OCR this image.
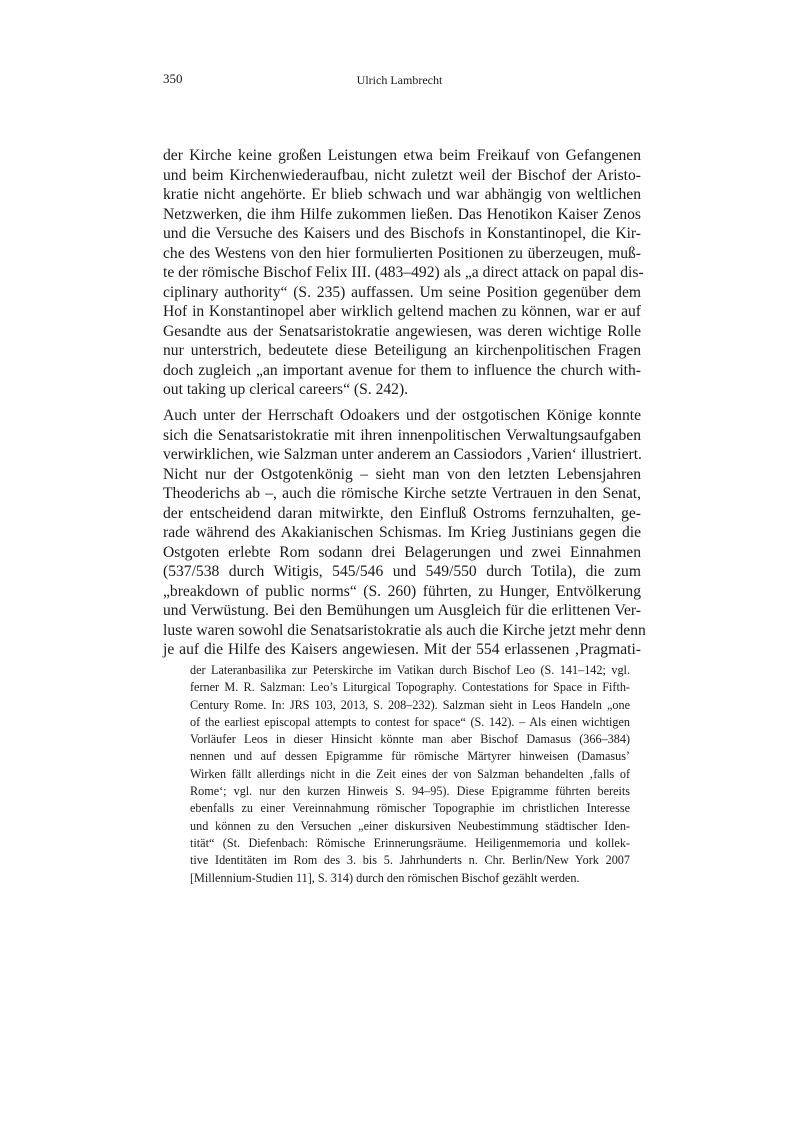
350	Ulrich Lambrecht
der Kirche keine großen Leistungen etwa beim Freikauf von Gefangenen
und beim Kirchenwiederaufbau, nicht zuletzt weil der Bischof der Aristo-
kratie nicht angehörte. Er blieb schwach und war abhängig von weltlichen
Netzwerken, die ihm Hilfe zukommen ließen. Das Henotikon Kaiser Zenos
und die Versuche des Kaisers und des Bischofs in Konstantinopel, die Kir-
che des Westens von den hier formulierten Positionen zu überzeugen, muß-
te der römische Bischof Felix III. (483–492) als „a direct attack on papal dis-
ciplinary authority“ (S. 235) auffassen. Um seine Position gegenüber dem
Hof in Konstantinopel aber wirklich geltend machen zu können, war er auf
Gesandte aus der Senatsaristokratie angewiesen, was deren wichtige Rolle
nur unterstrich, bedeutete diese Beteiligung an kirchenpolitischen Fragen
doch zugleich „an important avenue for them to influence the church with-
out taking up clerical careers“ (S. 242).
Auch unter der Herrschaft Odoakers und der ostgotischen Könige konnte
sich die Senatsaristokratie mit ihren innenpolitischen Verwaltungsaufgaben
verwirklichen, wie Salzman unter anderem an Cassiodors ‚Varien‘ illustriert.
Nicht nur der Ostgotenkönig – sieht man von den letzten Lebensjahren
Theoderichs ab –, auch die römische Kirche setzte Vertrauen in den Senat,
der entscheidend daran mitwirkte, den Einfluß Ostroms fernzuhalten, ge-
rade während des Akakianischen Schismas. Im Krieg Justinians gegen die
Ostgoten erlebte Rom sodann drei Belagerungen und zwei Einnahmen
(537/538 durch Witigis, 545/546 und 549/550 durch Totila), die zum
„breakdown of public norms“ (S. 260) führten, zu Hunger, Entvölkerung
und Verwüstung. Bei den Bemühungen um Ausgleich für die erlittenen Ver-
luste waren sowohl die Senatsaristokratie als auch die Kirche jetzt mehr denn
je auf die Hilfe des Kaisers angewiesen. Mit der 554 erlassenen ‚Pragmati-
der Lateranbasilika zur Peterskirche im Vatikan durch Bischof Leo (S. 141–142; vgl.
ferner M. R. Salzman: Leo’s Liturgical Topography. Contestations for Space in Fifth-
Century Rome. In: JRS 103, 2013, S. 208–232). Salzman sieht in Leos Handeln „one
of the earliest episcopal attempts to contest for space“ (S. 142). – Als einen wichtigen
Vorläufer Leos in dieser Hinsicht könnte man aber Bischof Damasus (366–384)
nennen und auf dessen Epigramme für römische Märtyrer hinweisen (Damasus’
Wirken fällt allerdings nicht in die Zeit eines der von Salzman behandelten ‚falls of
Rome‘; vgl. nur den kurzen Hinweis S. 94–95). Diese Epigramme führten bereits
ebenfalls zu einer Vereinnahmung römischer Topographie im christlichen Interesse
und können zu den Versuchen „einer diskursiven Neubestimmung städtischer Iden-
tität“ (St. Diefenbach: Römische Erinnerungsräume. Heiligenmemoria und kollek-
tive Identitäten im Rom des 3. bis 5. Jahrhunderts n. Chr. Berlin/New York 2007
[Millennium-Studien 11], S. 314) durch den römischen Bischof gezählt werden.
